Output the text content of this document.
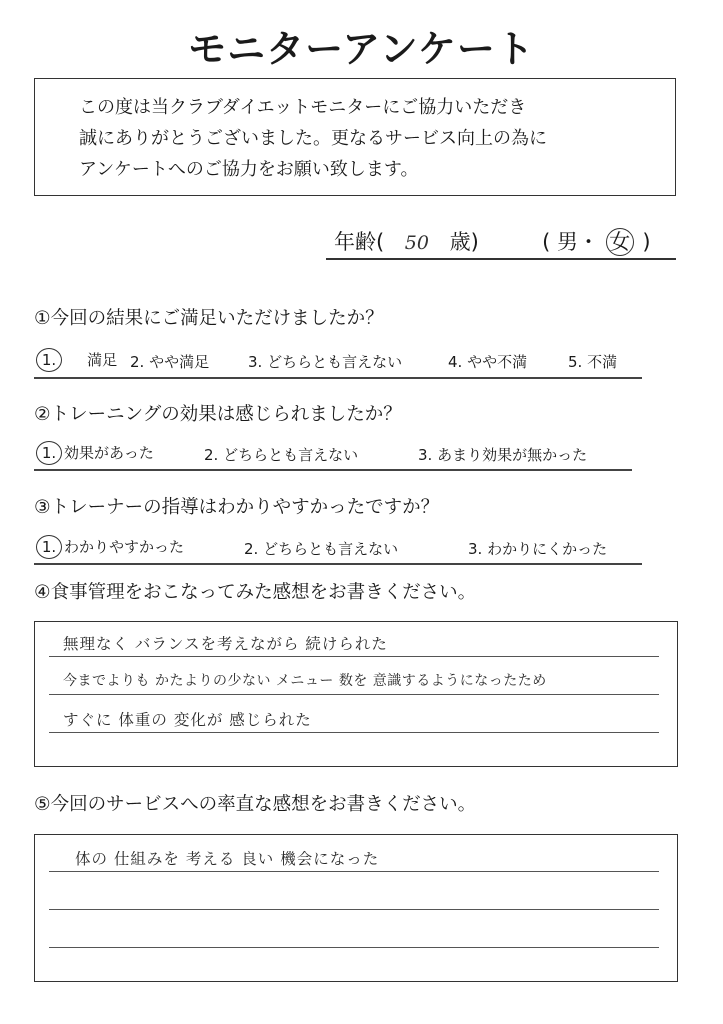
モニターアンケート
この度は当クラブダイエットモニターにご協力いただき
誠にありがとうございました。更なるサービス向上の為に
アンケートへのご協力をお願い致します。
年齢( 50 歳)	( 男・ 女 )
①今回の結果にご満足いただけましたか？
1. 満足 2. やや満足	3. どちらとも言えない	4. やや不満	5. 不満
②トレーニングの効果は感じられましたか？
1. 効果があった	2. どちらとも言えない	3. あまり効果が無かった
③トレーナーの指導はわかりやすかったですか？
1. わかりやすかった	2. どちらとも言えない	3. わかりにくかった
④食事管理をおこなってみた感想をお書きください。
無理なく バランスを考えながら 続けられた
今までよりも かたよりの少ない メニュー 数を 意識するようになったため
すぐに 体重の 変化が 感じられた
⑤今回のサービスへの率直な感想をお書きください。
体の 仕組みを 考える 良い 機会になった
